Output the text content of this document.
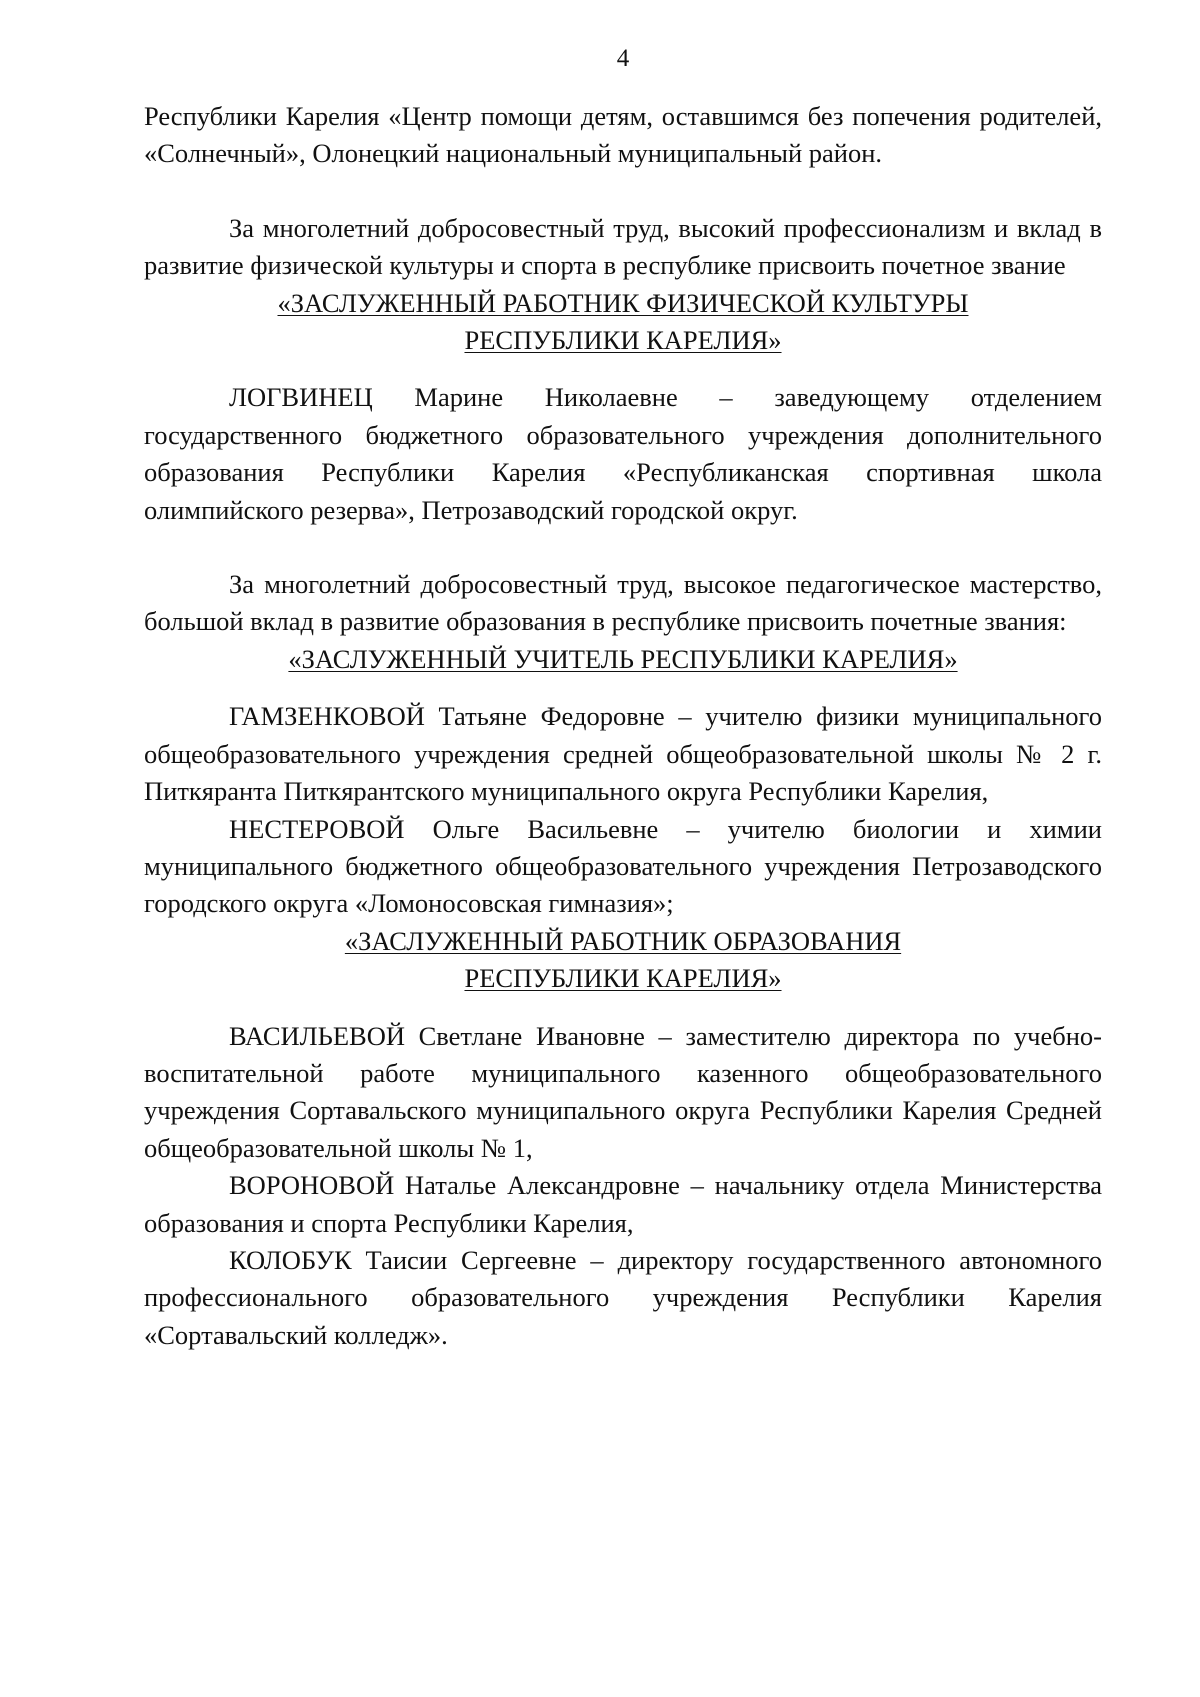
4

Республики Карелия «Центр помощи детям, оставшимся без попечения родителей, «Солнечный», Олонецкий национальный муниципальный район.

За многолетний добросовестный труд, высокий профессионализм и вклад в развитие физической культуры и спорта в республике присвоить почетное звание

«ЗАСЛУЖЕННЫЙ РАБОТНИК ФИЗИЧЕСКОЙ КУЛЬТУРЫ
РЕСПУБЛИКИ КАРЕЛИЯ»

ЛОГВИНЕЦ Марине Николаевне – заведующему отделением государственного бюджетного образовательного учреждения дополнительного образования Республики Карелия «Республиканская спортивная школа олимпийского резерва», Петрозаводский городской округ.

За многолетний добросовестный труд, высокое педагогическое мастерство, большой вклад в развитие образования в республике присвоить почетные звания:

«ЗАСЛУЖЕННЫЙ УЧИТЕЛЬ РЕСПУБЛИКИ КАРЕЛИЯ»

ГАМЗЕНКОВОЙ Татьяне Федоровне – учителю физики муниципального общеобразовательного учреждения средней общеобразовательной школы № 2 г. Питкяранта Питкярантского муниципального округа Республики Карелия,

НЕСТЕРОВОЙ Ольге Васильевне – учителю биологии и химии муниципального бюджетного общеобразовательного учреждения Петрозаводского городского округа «Ломоносовская гимназия»;

«ЗАСЛУЖЕННЫЙ РАБОТНИК ОБРАЗОВАНИЯ
РЕСПУБЛИКИ КАРЕЛИЯ»

ВАСИЛЬЕВОЙ Светлане Ивановне – заместителю директора по учебно-воспитательной работе муниципального казенного общеобразовательного учреждения Сортавальского муниципального округа Республики Карелия Средней общеобразовательной школы № 1,

ВОРОНОВОЙ Наталье Александровне – начальнику отдела Министерства образования и спорта Республики Карелия,

КОЛОБУК Таисии Сергеевне – директору государственного автономного профессионального образовательного учреждения Республики Карелия «Сортавальский колледж».
